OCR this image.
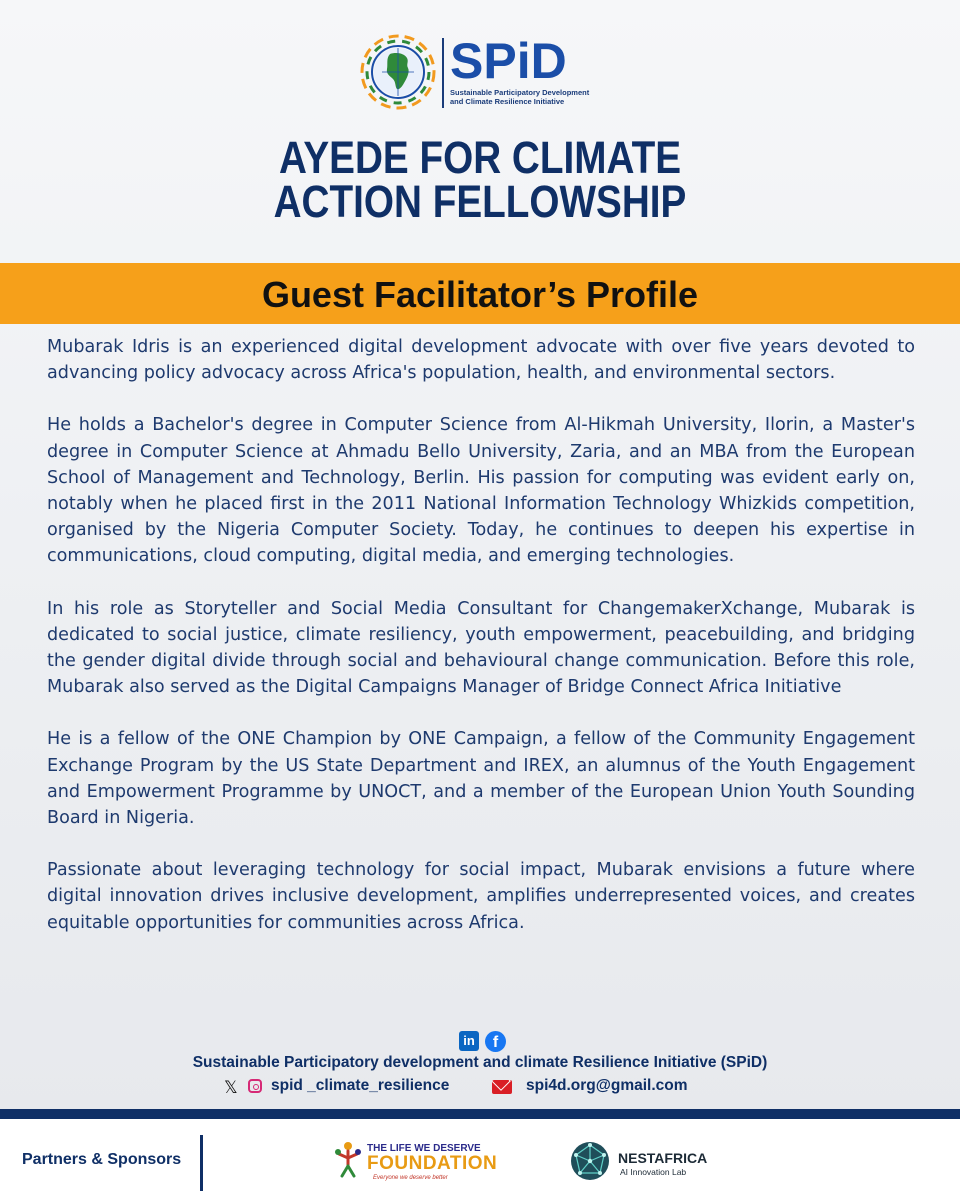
SPiD
Sustainable Participatory Development
and Climate Resilience Initiative
AYEDE FOR CLIMATE
ACTION FELLOWSHIP
Guest Facilitator’s Profile

Mubarak Idris is an experienced digital development advocate with over five years devoted to advancing policy advocacy across Africa's population, health, and environmental sectors.

He holds a Bachelor's degree in Computer Science from Al-Hikmah University, Ilorin, a Master's degree in Computer Science at Ahmadu Bello University, Zaria, and an MBA from the European School of Management and Technology, Berlin. His passion for computing was evident early on, notably when he placed first in the 2011 National Information Technology Whizkids competition, organised by the Nigeria Computer Society. Today, he continues to deepen his expertise in communications, cloud computing, digital media, and emerging technologies.

In his role as Storyteller and Social Media Consultant for ChangemakerXchange, Mubarak is dedicated to social justice, climate resiliency, youth empowerment, peacebuilding, and bridging the gender digital divide through social and behavioural change communication. Before this role, Mubarak also served as the Digital Campaigns Manager of Bridge Connect Africa Initiative

He is a fellow of the ONE Champion by ONE Campaign, a fellow of the Community Engagement Exchange Program by the US State Department and IREX, an alumnus of the Youth Engagement and Empowerment Programme by UNOCT, and a member of the European Union Youth Sounding Board in Nigeria.

Passionate about leveraging technology for social impact, Mubarak envisions a future where digital innovation drives inclusive development, amplifies underrepresented voices, and creates equitable opportunities for communities across Africa.

in	f
Sustainable Participatory development and climate Resilience Initiative (SPiD)
𝕏 spid _climate_resilience	spi4d.org@gmail.com
Partners & Sponsors
THE LIFE WE DESERVE
FOUNDATION
Everyone we deserve better
NESTAFRICA
AI Innovation Lab
